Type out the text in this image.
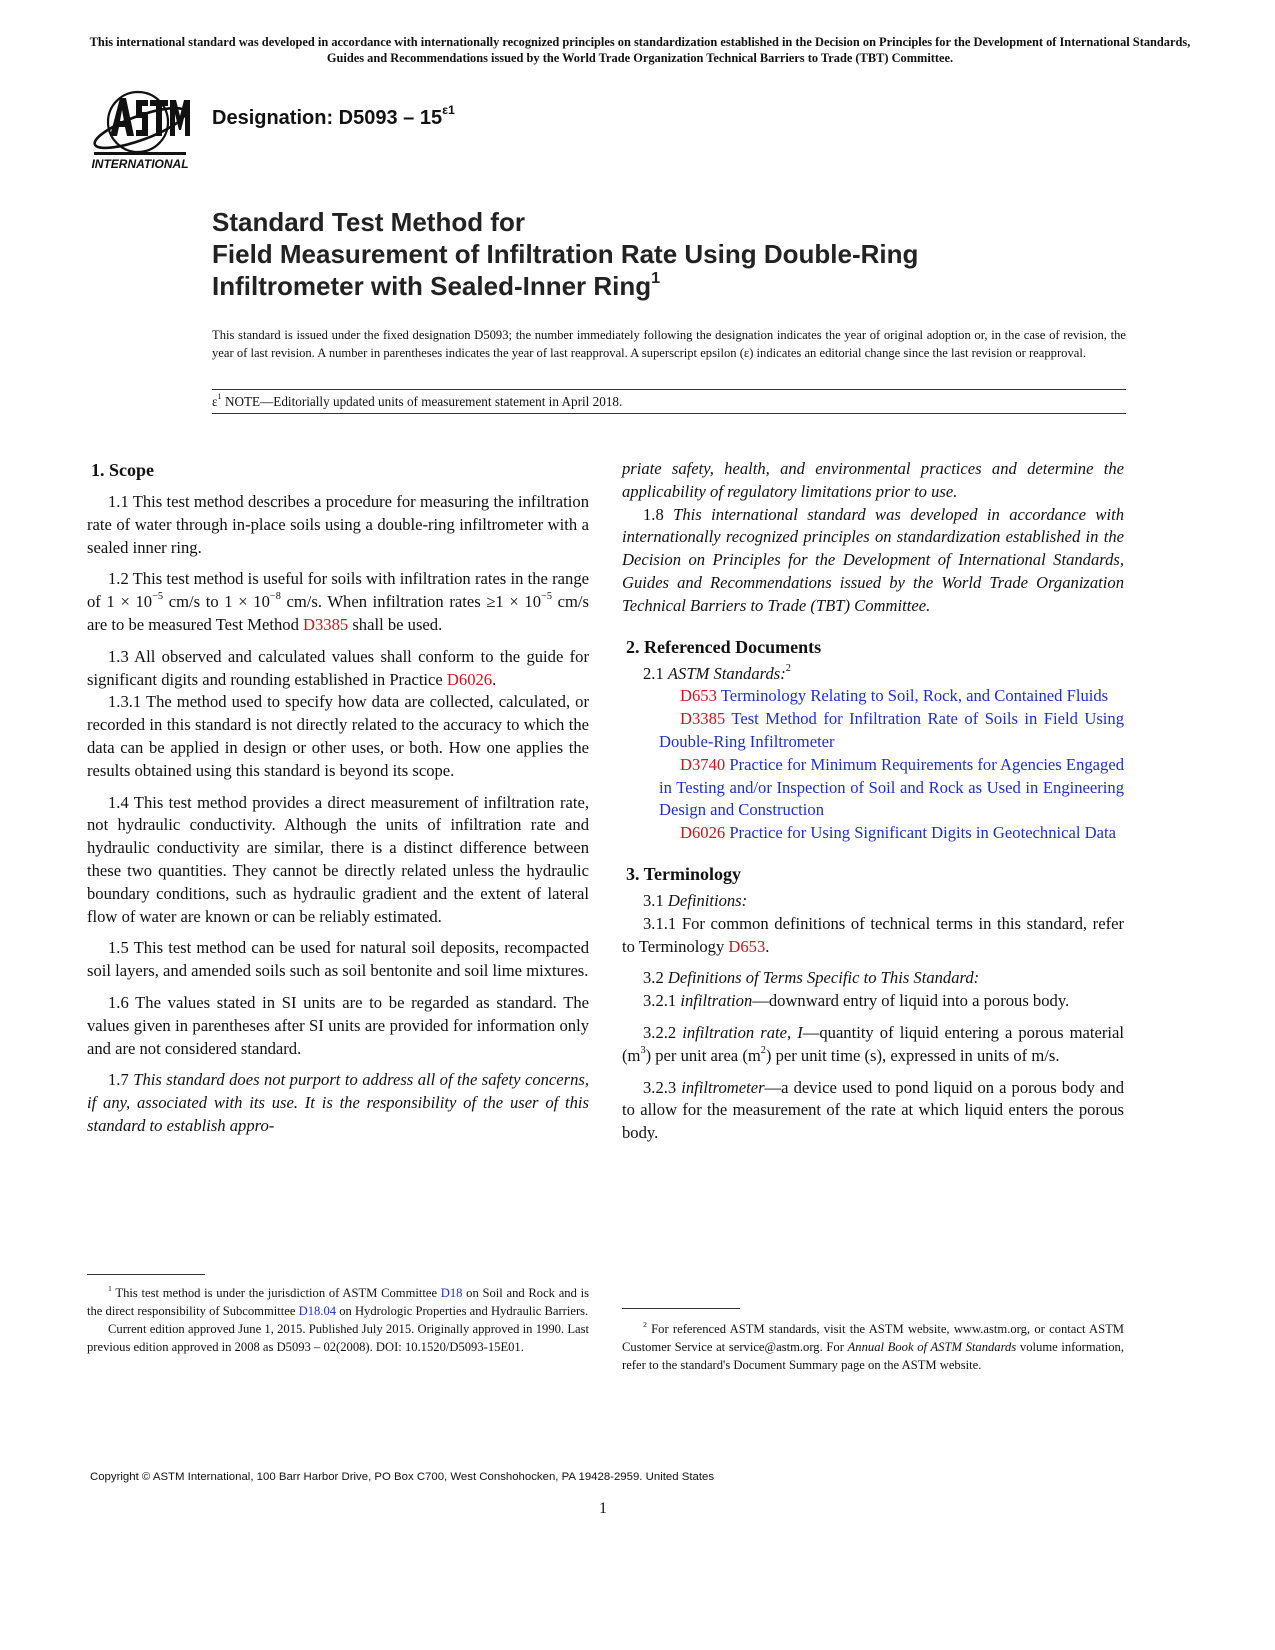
This international standard was developed in accordance with internationally recognized principles on standardization established in the Decision on Principles for the Development of International Standards, Guides and Recommendations issued by the World Trade Organization Technical Barriers to Trade (TBT) Committee.
INTERNATIONAL
Designation: $D5093 - 15^{\varepsilon 1}$
Standard Test Method for
Field Measurement of Infiltration Rate Using Double-Ring
Infiltrometer with Sealed-Inner Ring$^1$
This standard is issued under the fixed designation D5093; the number immediately following the designation indicates the year of original adoption or, in the case of revision, the year of last revision. A number in parentheses indicates the year of last reapproval. A superscript epsilon (ε) indicates an editorial change since the last revision or reapproval.
$\varepsilon^1$ NOTE—Editorially updated units of measurement statement in April 2018.
1. Scope

1.1 This test method describes a procedure for measuring the infiltration rate of water through in-place soils using a double-ring infiltrometer with a sealed inner ring.

1.2 This test method is useful for soils with infiltration rates in the range of $1 \times 10^{-5}$ cm/s to $1 \times 10^{-8}$ cm/s. When infiltration rates $\ge 1 \times 10^{-5}$ cm/s are to be measured Test Method D3385 shall be used.

1.3 All observed and calculated values shall conform to the guide for significant digits and rounding established in Practice D6026.

1.3.1 The method used to specify how data are collected, calculated, or recorded in this standard is not directly related to the accuracy to which the data can be applied in design or other uses, or both. How one applies the results obtained using this standard is beyond its scope.

1.4 This test method provides a direct measurement of infiltration rate, not hydraulic conductivity. Although the units of infiltration rate and hydraulic conductivity are similar, there is a distinct difference between these two quantities. They cannot be directly related unless the hydraulic boundary conditions, such as hydraulic gradient and the extent of lateral flow of water are known or can be reliably estimated.

1.5 This test method can be used for natural soil deposits, recompacted soil layers, and amended soils such as soil bentonite and soil lime mixtures.

1.6 The values stated in SI units are to be regarded as standard. The values given in parentheses after SI units are provided for information only and are not considered standard.

1.7 This standard does not purport to address all of the safety concerns, if any, associated with its use. It is the responsibility of the user of this standard to establish appro-

$^1$ This test method is under the jurisdiction of ASTM Committee D18 on Soil and Rock and is the direct responsibility of Subcommittee D18.04 on Hydrologic Properties and Hydraulic Barriers.

Current edition approved June 1, 2015. Published July 2015. Originally approved in 1990. Last previous edition approved in 2008 as D5093 – 02(2008). DOI: 10.1520/D5093-15E01.

priate safety, health, and environmental practices and determine the applicability of regulatory limitations prior to use.

1.8 This international standard was developed in accordance with internationally recognized principles on standardization established in the Decision on Principles for the Development of International Standards, Guides and Recommendations issued by the World Trade Organization Technical Barriers to Trade (TBT) Committee.

2. Referenced Documents

2.1 ASTM Standards:$^2$

D653 Terminology Relating to Soil, Rock, and Contained Fluids

D3385 Test Method for Infiltration Rate of Soils in Field Using Double-Ring Infiltrometer

D3740 Practice for Minimum Requirements for Agencies Engaged in Testing and/or Inspection of Soil and Rock as Used in Engineering Design and Construction

D6026 Practice for Using Significant Digits in Geotechnical Data

3. Terminology

3.1 Definitions:

3.1.1 For common definitions of technical terms in this standard, refer to Terminology D653.

3.2 Definitions of Terms Specific to This Standard:

3.2.1 infiltration—downward entry of liquid into a porous body.

3.2.2 infiltration rate, I—quantity of liquid entering a porous material $(m^3)$ per unit area $(m^2)$ per unit time (s), expressed in units of m/s.

3.2.3 infiltrometer—a device used to pond liquid on a porous body and to allow for the measurement of the rate at which liquid enters the porous body.

$^2$ For referenced ASTM standards, visit the ASTM website, www.astm.org, or contact ASTM Customer Service at service@astm.org. For Annual Book of ASTM Standards volume information, refer to the standard's Document Summary page on the ASTM website.

Copyright © ASTM International, 100 Barr Harbor Drive, PO Box C700, West Conshohocken, PA 19428-2959. United States
1
